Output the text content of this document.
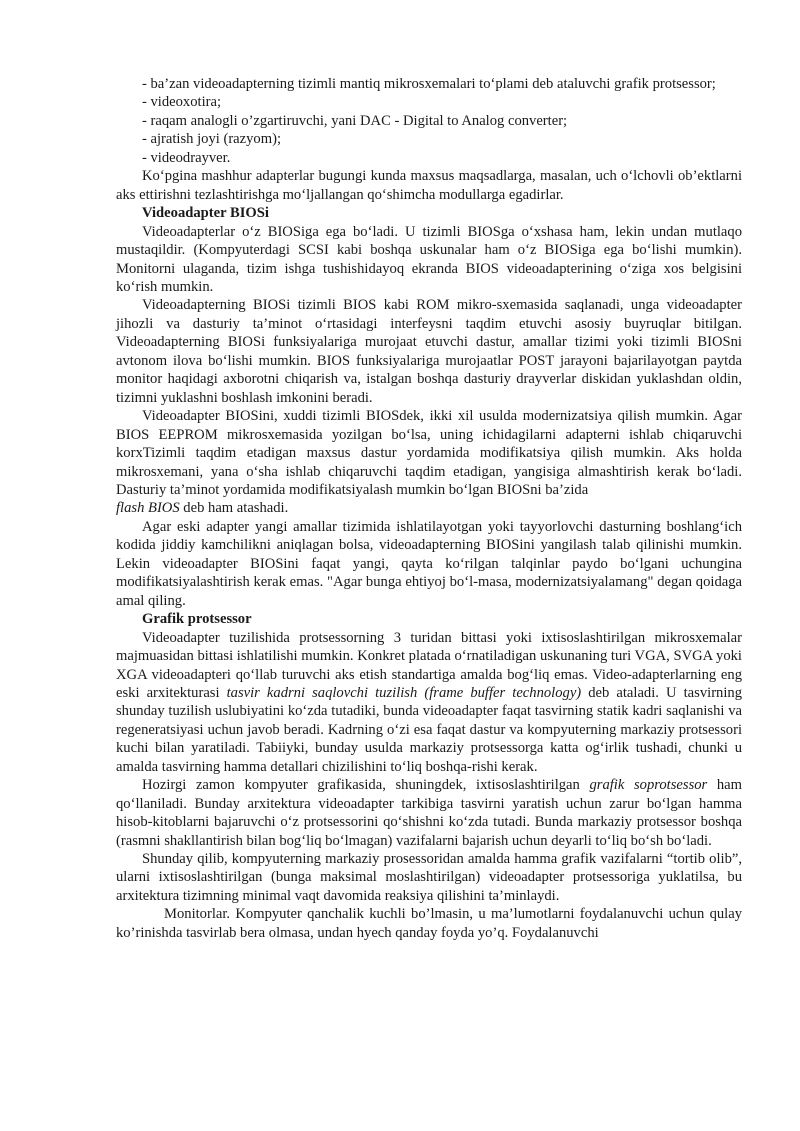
- ba’zan videoadapterning tizimli mantiq mikrosxemalari to‘plami deb ataluvchi grafik protsessor;

- videoxotira;

- raqam analogli o’zgartiruvchi, yani DAC - Digital to Analog converter;

- ajratish joyi (razyom);

- videodrayver.

Ko‘pgina mashhur adapterlar bugungi kunda maxsus maqsadlarga, masalan, uch o‘lchovli ob’ektlarni aks ettirishni tezlashtirishga mo‘ljallangan qo‘shimcha modullarga egadirlar.

Videoadapter BIOSi

Videoadapterlar o‘z BIOSiga ega bo‘ladi. U tizimli BIOSga o‘xshasa ham, lekin undan mutlaqo mustaqildir. (Kompyuterdagi SCSI kabi boshqa uskunalar ham o‘z BIOSiga ega bo‘lishi mumkin). Monitorni ulaganda, tizim ishga tushishidayoq ekranda BIOS videoadapterining o‘ziga xos belgisini ko‘rish mumkin.

Videoadapterning BIOSi tizimli BIOS kabi ROM mikro-sxemasida saqlanadi, unga videoadapter jihozli va dasturiy ta’minot o‘rtasidagi interfeysni taqdim etuvchi asosiy buyruqlar bitilgan. Videoadapterning BIOSi funksiyalariga murojaat etuvchi dastur, amallar tizimi yoki tizimli BIOSni avtonom ilova bo‘lishi mumkin. BIOS funksiyalariga murojaatlar POST jarayoni bajarilayotgan paytda monitor haqidagi axborotni chiqarish va, istalgan boshqa dasturiy drayverlar diskidan yuklashdan oldin, tizimni yuklashni boshlash imkonini beradi.

Videoadapter BIOSini, xuddi tizimli BIOSdek, ikki xil usulda modernizatsiya qilish mumkin. Agar BIOS EEPROM mikrosxemasida yozilgan bo‘lsa, uning ichidagilarni adapterni ishlab chiqaruvchi korxTizimli taqdim etadigan maxsus dastur yordamida modifikatsiya qilish mumkin. Aks holda mikrosxemani, yana o‘sha ishlab chiqaruvchi taqdim etadigan, yangisiga almashtirish kerak bo‘ladi. Dasturiy ta’minot yordamida modifikatsiyalash mumkin bo‘lgan BIOSni ba’zida
flash BIOS deb ham atashadi.

Agar eski adapter yangi amallar tizimida ishlatilayotgan yoki tayyorlovchi dasturning boshlang‘ich kodida jiddiy kamchilikni aniqlagan bolsa, videoadapterning BIOSini yangilash talab qilinishi mumkin. Lekin videoadapter BIOSini faqat yangi, qayta ko‘rilgan talqinlar paydo bo‘lgani uchungina modifikatsiyalashtirish kerak emas. "Agar bunga ehtiyoj bo‘l-masa, modernizatsiyalamang" degan qoidaga amal qiling.

Grafik protsessor

Videoadapter tuzilishida protsessorning 3 turidan bittasi yoki ixtisoslashtirilgan mikrosxemalar majmuasidan bittasi ishlatilishi mumkin. Konkret platada o‘rnatiladigan uskunaning turi VGA, SVGA yoki XGA videoadapteri qo‘llab turuvchi aks etish standartiga amalda bog‘liq emas. Video-adapterlarning eng eski arxitekturasi tasvir kadrni saqlovchi tuzilish (frame buffer technology) deb ataladi. U tasvirning shunday tuzilish uslubiyatini ko‘zda tutadiki, bunda videoadapter faqat tasvirning statik kadri saqlanishi va regeneratsiyasi uchun javob beradi. Kadrning o‘zi esa faqat dastur va kompyuterning markaziy protsessori kuchi bilan yaratiladi. Tabiiyki, bunday usulda markaziy protsessorga katta og‘irlik tushadi, chunki u amalda tasvirning hamma detallari chizilishini to‘liq boshqa-rishi kerak.

Hozirgi zamon kompyuter grafikasida, shuningdek, ixtisoslashtirilgan grafik soprotsessor ham qo‘llaniladi. Bunday arxitektura videoadapter tarkibiga tasvirni yaratish uchun zarur bo‘lgan hamma hisob-kitoblarni bajaruvchi o‘z protsessorini qo‘shishni ko‘zda tutadi. Bunda markaziy protsessor boshqa (rasmni shakllantirish bilan bog‘liq bo‘lmagan) vazifalarni bajarish uchun deyarli to‘liq bo‘sh bo‘ladi.

Shunday qilib, kompyuterning markaziy prosessoridan amalda hamma grafik vazifalarni “tortib olib”, ularni ixtisoslashtirilgan (bunga maksimal moslashtirilgan) videoadapter protsessoriga yuklatilsa, bu arxitektura tizimning minimal vaqt davomida reaksiya qilishini ta’minlaydi.

Monitorlar. Kompyuter qanchalik kuchli bo’lmasin, u ma’lumotlarni foydalanuvchi uchun qulay ko’rinishda tasvirlab bera olmasa, undan hyech qanday foyda yo’q. Foydalanuvchi
